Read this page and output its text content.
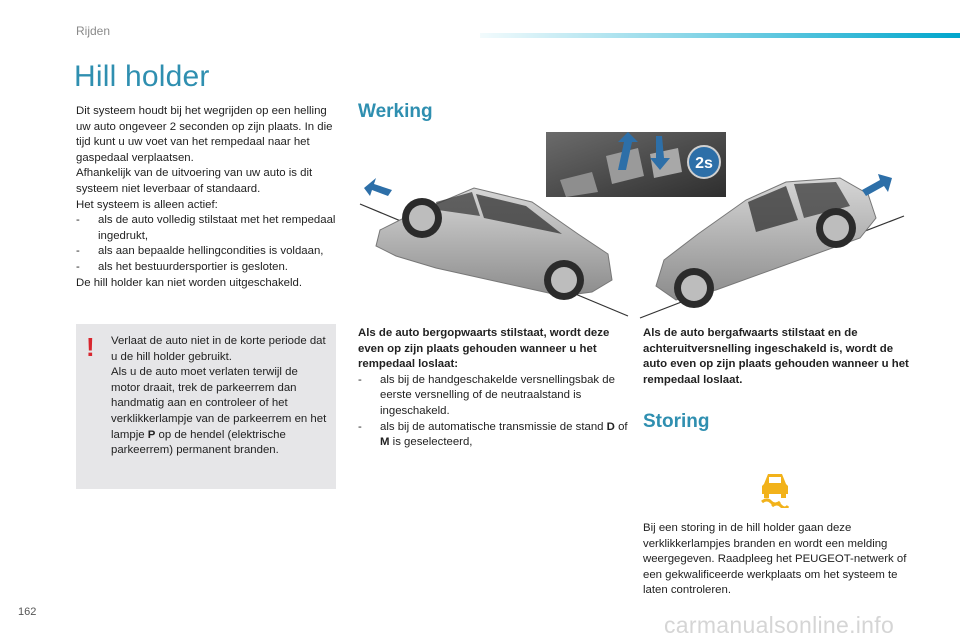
Rijden
Hill holder

Dit systeem houdt bij het wegrijden op een helling uw auto ongeveer 2 seconden op zijn plaats. In die tijd kunt u uw voet van het rempedaal naar het gaspedaal verplaatsen.

Afhankelijk van de uitvoering van uw auto is dit systeem niet leverbaar of standaard.

Het systeem is alleen actief:

- als de auto volledig stilstaat met het rempedaal ingedrukt,
- als aan bepaalde hellingcondities is voldaan,
- als het bestuurdersportier is gesloten.

De hill holder kan niet worden uitgeschakeld.

! Verlaat de auto niet in de korte periode dat u de hill holder gebruikt.

Als u de auto moet verlaten terwijl de motor draait, trek de parkeerrem dan handmatig aan en controleer of het verklikkerlampje van de parkeerrem en het lampje P op de hendel (elektrische parkeerrem) permanent branden.

Werking
2s

Als de auto bergopwaarts stilstaat, wordt deze even op zijn plaats gehouden wanneer u het rempedaal loslaat:

- als bij de handgeschakelde versnellingsbak de eerste versnelling of de neutraalstand is ingeschakeld.
- als bij de automatische transmissie de stand D of M is geselecteerd,
Als de auto bergafwaarts stilstaat en de achteruitversnelling ingeschakeld is, wordt de auto even op zijn plaats gehouden wanneer u het rempedaal loslaat.
Storing
Bij een storing in de hill holder gaan deze verklikkerlampjes branden en wordt een melding weergegeven. Raadpleeg het PEUGEOT-netwerk of een gekwalificeerde werkplaats om het systeem te laten controleren.
162	carmanualsonline.info
